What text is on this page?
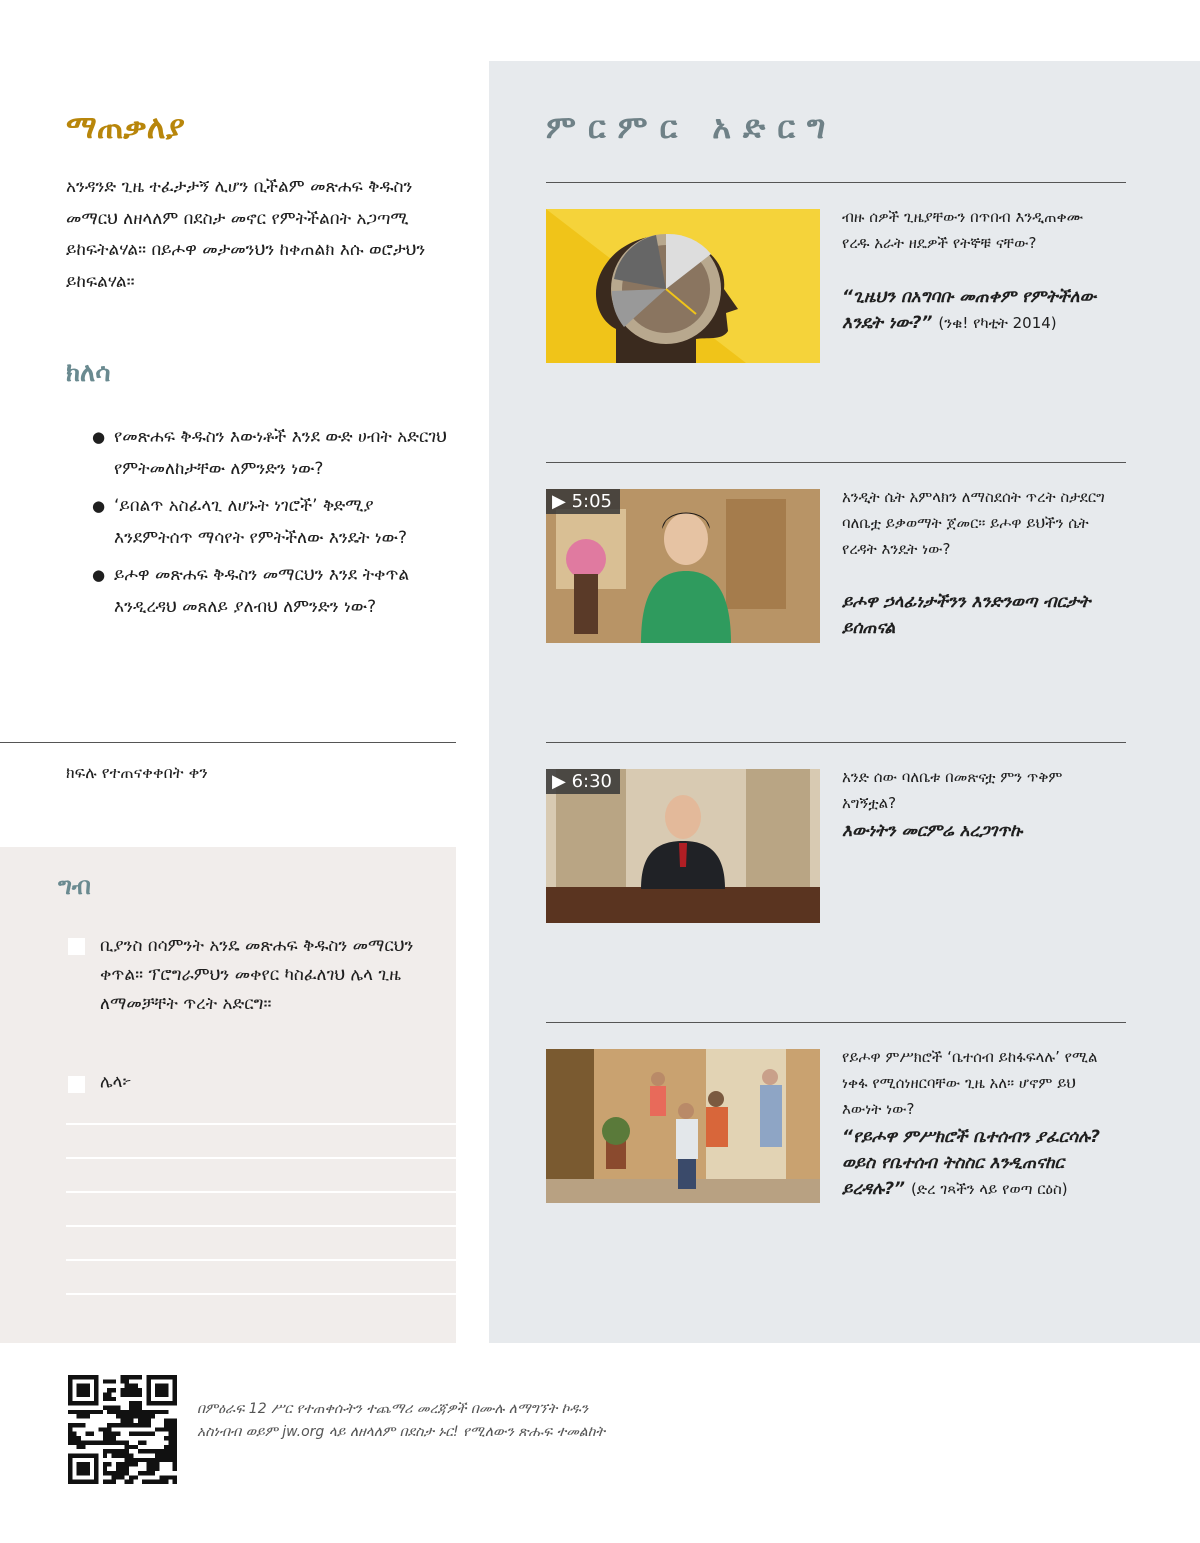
ማጠቃለያ
አንዳንድ ጊዜ ተፈታታኝ ሊሆን ቢችልም መጽሐፍ ቅዱስን መማርህ ለዘላለም በደስታ መኖር የምትችልበት አጋጣሚ ይከፍትልሃል። በይሖዋ መታመንህን ከቀጠልክ እሱ ወሮታህን ይከፍልሃል።
ክለሳ
● የመጽሐፍ ቅዱስን እውነቶች እንደ ውድ ሀብት አድርገህ የምትመለከታቸው ለምንድን ነው?
● ‘ይበልጥ አስፈላጊ ለሆኑት ነገሮች’ ቅድሚያ እንደምትሰጥ ማሳየት የምትችለው እንዴት ነው?
● ይሖዋ መጽሐፍ ቅዱስን መማርህን እንደ ትቀጥል እንዲረዳህ መጸለይ ያለብህ ለምንድን ነው?
ክፍሉ የተጠናቀቀበት ቀን
ግብ
ቢያንስ በሳምንት አንዴ መጽሐፍ ቅዱስን መማርህን ቀጥል። ፕሮግራምህን መቀየር ካስፈለገህ ሌላ ጊዜ ለማመቻቸት ጥረት አድርግ።
ሌላ፦
ምርምር አድርግ
ብዙ ሰዎች ጊዜያቸውን በጥበብ እንዲጠቀሙ የረዱ አራት ዘዴዎች የትኞቹ ናቸው?
“ጊዜህን በአግባቡ መጠቀም የምትችለው እንዴት ነው?” (ንቁ! የካቲት 2014)
▶ 5:05	አንዲት ሴት አምላክን ለማስደሰት ጥረት ስታደርግ ባለቤቷ ይቃወማት ጀመር። ይሖዋ ይህችን ሴት የረዳት እንዴት ነው?
ይሖዋ ኃላፊነታችንን እንድንወጣ ብርታት ይሰጠናል
▶ 6:30	አንድ ሰው ባለቤቱ በመጽናቷ ምን ጥቅም አግኝቷል?
እውነትን መርምሬ አረጋገጥኩ
የይሖዋ ምሥክሮች ‘ቤተሰብ ይከፋፍላሉ’ የሚል ነቀፋ የሚሰነዘርባቸው ጊዜ አለ። ሆኖም ይህ እውነት ነው?
“የይሖዋ ምሥክሮች ቤተሰብን ያፈርሳሉ? ወይስ የቤተሰብ ትስስር እንዲጠናከር ይረዳሉ?” (ድረ ገጻችን ላይ የወጣ ርዕስ)
በምዕራፍ 12 ሥር የተጠቀሱትን ተጨማሪ መረጃዎች በሙሉ ለማግኘት ኮዱን አስነብብ ወይም jw.org ላይ ለዘላለም በደስታ ኑር! የሚለውን ጽሑፍ ተመልከት
